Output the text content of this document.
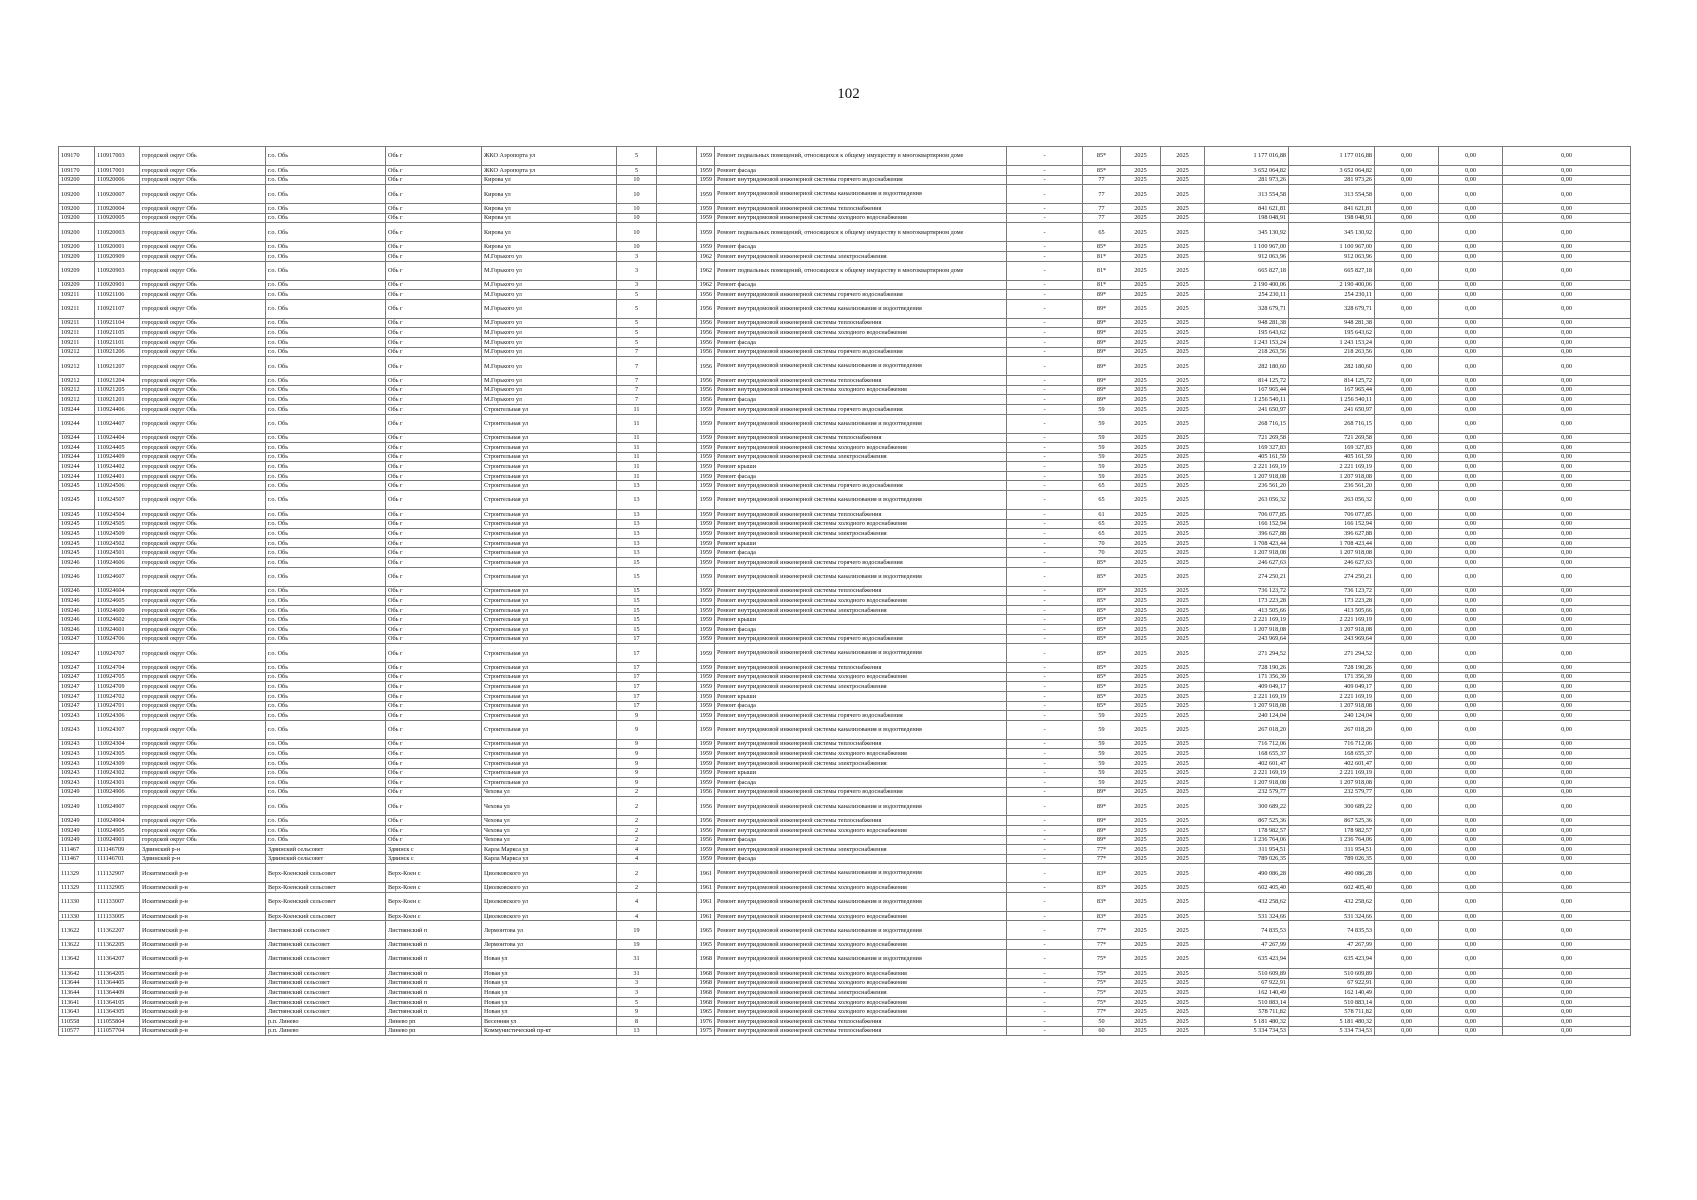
102
109170	110917003	городской округ Обь	г.о. Обь	Обь г	ЖКО Аэропорта ул	5		1959	Ремонт подвальных помещений, относящихся к общему имуществу в многоквартирном доме	-	85*	2025	2025	1 177 016,88	1 177 016,88	0,00	0,00	0,00
109170	110917001	городской округ Обь	г.о. Обь	Обь г	ЖКО Аэропорта ул	5		1959	Ремонт фасада	-	85*	2025	2025	3 652 064,82	3 652 064,82	0,00	0,00	0,00
109200	110920006	городской округ Обь	г.о. Обь	Обь г	Кирова ул	10		1959	Ремонт внутридомовой инженерной системы горячего водоснабжения	-	77	2025	2025	281 973,26	281 973,26	0,00	0,00	0,00
109200	110920007	городской округ Обь	г.о. Обь	Обь г	Кирова ул	10		1959	Ремонт внутридомовой инженерной системы канализования и водоотведения	-	77	2025	2025	313 554,58	313 554,58	0,00	0,00	0,00
109200	110920004	городской округ Обь	г.о. Обь	Обь г	Кирова ул	10		1959	Ремонт внутридомовой инженерной системы теплоснабжения	-	77	2025	2025	841 621,81	841 621,81	0,00	0,00	0,00
109200	110920005	городской округ Обь	г.о. Обь	Обь г	Кирова ул	10		1959	Ремонт внутридомовой инженерной системы холодного водоснабжения	-	77	2025	2025	198 048,91	198 048,91	0,00	0,00	0,00
109200	110920003	городской округ Обь	г.о. Обь	Обь г	Кирова ул	10		1959	Ремонт подвальных помещений, относящихся к общему имуществу в многоквартирном доме	-	65	2025	2025	345 130,92	345 130,92	0,00	0,00	0,00
109200	110920001	городской округ Обь	г.о. Обь	Обь г	Кирова ул	10		1959	Ремонт фасада	-	85*	2025	2025	1 100 967,00	1 100 967,00	0,00	0,00	0,00
109209	110920909	городской округ Обь	г.о. Обь	Обь г	М.Горького ул	3		1962	Ремонт внутридомовой инженерной системы электроснабжения	-	81*	2025	2025	912 063,96	912 063,96	0,00	0,00	0,00
109209	110920903	городской округ Обь	г.о. Обь	Обь г	М.Горького ул	3		1962	Ремонт подвальных помещений, относящихся к общему имуществу в многоквартирном доме	-	81*	2025	2025	665 827,18	665 827,18	0,00	0,00	0,00
109209	110920901	городской округ Обь	г.о. Обь	Обь г	М.Горького ул	3		1962	Ремонт фасада	-	81*	2025	2025	2 190 400,06	2 190 400,06	0,00	0,00	0,00
109211	110921106	городской округ Обь	г.о. Обь	Обь г	М.Горького ул	5		1956	Ремонт внутридомовой инженерной системы горячего водоснабжения	-	89*	2025	2025	254 230,11	254 230,11	0,00	0,00	0,00
109211	110921107	городской округ Обь	г.о. Обь	Обь г	М.Горького ул	5		1956	Ремонт внутридомовой инженерной системы канализования и водоотведения	-	89*	2025	2025	328 679,71	328 679,71	0,00	0,00	0,00
109211	110921104	городской округ Обь	г.о. Обь	Обь г	М.Горького ул	5		1956	Ремонт внутридомовой инженерной системы теплоснабжения	-	89*	2025	2025	948 281,38	948 281,38	0,00	0,00	0,00
109211	110921105	городской округ Обь	г.о. Обь	Обь г	М.Горького ул	5		1956	Ремонт внутридомовой инженерной системы холодного водоснабжения	-	89*	2025	2025	195 643,62	195 643,62	0,00	0,00	0,00
109211	110921101	городской округ Обь	г.о. Обь	Обь г	М.Горького ул	5		1956	Ремонт фасада	-	89*	2025	2025	1 243 153,24	1 243 153,24	0,00	0,00	0,00
109212	110921206	городской округ Обь	г.о. Обь	Обь г	М.Горького ул	7		1956	Ремонт внутридомовой инженерной системы горячего водоснабжения	-	89*	2025	2025	218 263,56	218 263,56	0,00	0,00	0,00
109212	110921207	городской округ Обь	г.о. Обь	Обь г	М.Горького ул	7		1956	Ремонт внутридомовой инженерной системы канализования и водоотведения	-	89*	2025	2025	282 180,60	282 180,60	0,00	0,00	0,00
109212	110921204	городской округ Обь	г.о. Обь	Обь г	М.Горького ул	7		1956	Ремонт внутридомовой инженерной системы теплоснабжения	-	89*	2025	2025	814 125,72	814 125,72	0,00	0,00	0,00
109212	110921205	городской округ Обь	г.о. Обь	Обь г	М.Горького ул	7		1956	Ремонт внутридомовой инженерной системы холодного водоснабжения	-	89*	2025	2025	167 965,44	167 965,44	0,00	0,00	0,00
109212	110921201	городской округ Обь	г.о. Обь	Обь г	М.Горького ул	7		1956	Ремонт фасада	-	89*	2025	2025	1 256 540,11	1 256 540,11	0,00	0,00	0,00
109244	110924406	городской округ Обь	г.о. Обь	Обь г	Строительная ул	11		1959	Ремонт внутридомовой инженерной системы горячего водоснабжения	-	59	2025	2025	241 650,97	241 650,97	0,00	0,00	0,00
109244	110924407	городской округ Обь	г.о. Обь	Обь г	Строительная ул	11		1959	Ремонт внутридомовой инженерной системы канализования и водоотведения	-	59	2025	2025	268 716,15	268 716,15	0,00	0,00	0,00
109244	110924404	городской округ Обь	г.о. Обь	Обь г	Строительная ул	11		1959	Ремонт внутридомовой инженерной системы теплоснабжения	-	59	2025	2025	721 269,58	721 269,58	0,00	0,00	0,00
109244	110924405	городской округ Обь	г.о. Обь	Обь г	Строительная ул	11		1959	Ремонт внутридомовой инженерной системы холодного водоснабжения	-	59	2025	2025	169 327,83	169 327,83	0,00	0,00	0,00
109244	110924409	городской округ Обь	г.о. Обь	Обь г	Строительная ул	11		1959	Ремонт внутридомовой инженерной системы электроснабжения	-	59	2025	2025	405 161,59	405 161,59	0,00	0,00	0,00
109244	110924402	городской округ Обь	г.о. Обь	Обь г	Строительная ул	11		1959	Ремонт крыши	-	59	2025	2025	2 221 169,19	2 221 169,19	0,00	0,00	0,00
109244	110924401	городской округ Обь	г.о. Обь	Обь г	Строительная ул	11		1959	Ремонт фасада	-	59	2025	2025	1 207 918,08	1 207 918,08	0,00	0,00	0,00
109245	110924506	городской округ Обь	г.о. Обь	Обь г	Строительная ул	13		1959	Ремонт внутридомовой инженерной системы горячего водоснабжения	-	65	2025	2025	236 561,20	236 561,20	0,00	0,00	0,00
109245	110924507	городской округ Обь	г.о. Обь	Обь г	Строительная ул	13		1959	Ремонт внутридомовой инженерной системы канализования и водоотведения	-	65	2025	2025	263 056,32	263 056,32	0,00	0,00	0,00
109245	110924504	городской округ Обь	г.о. Обь	Обь г	Строительная ул	13		1959	Ремонт внутридомовой инженерной системы теплоснабжения	-	61	2025	2025	706 077,85	706 077,85	0,00	0,00	0,00
109245	110924505	городской округ Обь	г.о. Обь	Обь г	Строительная ул	13		1959	Ремонт внутридомовой инженерной системы холодного водоснабжения	-	65	2025	2025	166 152,94	166 152,94	0,00	0,00	0,00
109245	110924509	городской округ Обь	г.о. Обь	Обь г	Строительная ул	13		1959	Ремонт внутридомовой инженерной системы электроснабжения	-	65	2025	2025	396 627,88	396 627,88	0,00	0,00	0,00
109245	110924502	городской округ Обь	г.о. Обь	Обь г	Строительная ул	13		1959	Ремонт крыши	-	70	2025	2025	1 708 423,44	1 708 423,44	0,00	0,00	0,00
109245	110924501	городской округ Обь	г.о. Обь	Обь г	Строительная ул	13		1959	Ремонт фасада	-	70	2025	2025	1 207 918,08	1 207 918,08	0,00	0,00	0,00
109246	110924606	городской округ Обь	г.о. Обь	Обь г	Строительная ул	15		1959	Ремонт внутридомовой инженерной системы горячего водоснабжения	-	85*	2025	2025	246 627,63	246 627,63	0,00	0,00	0,00
109246	110924607	городской округ Обь	г.о. Обь	Обь г	Строительная ул	15		1959	Ремонт внутридомовой инженерной системы канализования и водоотведения	-	85*	2025	2025	274 250,21	274 250,21	0,00	0,00	0,00
109246	110924604	городской округ Обь	г.о. Обь	Обь г	Строительная ул	15		1959	Ремонт внутридомовой инженерной системы теплоснабжения	-	85*	2025	2025	736 123,72	736 123,72	0,00	0,00	0,00
109246	110924605	городской округ Обь	г.о. Обь	Обь г	Строительная ул	15		1959	Ремонт внутридомовой инженерной системы холодного водоснабжения	-	85*	2025	2025	173 223,28	173 223,28	0,00	0,00	0,00
109246	110924609	городской округ Обь	г.о. Обь	Обь г	Строительная ул	15		1959	Ремонт внутридомовой инженерной системы электроснабжения	-	85*	2025	2025	413 505,66	413 505,66	0,00	0,00	0,00
109246	110924602	городской округ Обь	г.о. Обь	Обь г	Строительная ул	15		1959	Ремонт крыши	-	85*	2025	2025	2 221 169,19	2 221 169,19	0,00	0,00	0,00
109246	110924601	городской округ Обь	г.о. Обь	Обь г	Строительная ул	15		1959	Ремонт фасада	-	85*	2025	2025	1 207 918,08	1 207 918,08	0,00	0,00	0,00
109247	110924706	городской округ Обь	г.о. Обь	Обь г	Строительная ул	17		1959	Ремонт внутридомовой инженерной системы горячего водоснабжения	-	85*	2025	2025	243 969,64	243 969,64	0,00	0,00	0,00
109247	110924707	городской округ Обь	г.о. Обь	Обь г	Строительная ул	17		1959	Ремонт внутридомовой инженерной системы канализования и водоотведения	-	85*	2025	2025	271 294,52	271 294,52	0,00	0,00	0,00
109247	110924704	городской округ Обь	г.о. Обь	Обь г	Строительная ул	17		1959	Ремонт внутридомовой инженерной системы теплоснабжения	-	85*	2025	2025	728 190,26	728 190,26	0,00	0,00	0,00
109247	110924705	городской округ Обь	г.о. Обь	Обь г	Строительная ул	17		1959	Ремонт внутридомовой инженерной системы холодного водоснабжения	-	85*	2025	2025	171 356,39	171 356,39	0,00	0,00	0,00
109247	110924709	городской округ Обь	г.о. Обь	Обь г	Строительная ул	17		1959	Ремонт внутридомовой инженерной системы электроснабжения	-	85*	2025	2025	409 049,17	409 049,17	0,00	0,00	0,00
109247	110924702	городской округ Обь	г.о. Обь	Обь г	Строительная ул	17		1959	Ремонт крыши	-	85*	2025	2025	2 221 169,19	2 221 169,19	0,00	0,00	0,00
109247	110924701	городской округ Обь	г.о. Обь	Обь г	Строительная ул	17		1959	Ремонт фасада	-	85*	2025	2025	1 207 918,08	1 207 918,08	0,00	0,00	0,00
109243	110924306	городской округ Обь	г.о. Обь	Обь г	Строительная ул	9		1959	Ремонт внутридомовой инженерной системы горячего водоснабжения	-	59	2025	2025	240 124,04	240 124,04	0,00	0,00	0,00
109243	110924307	городской округ Обь	г.о. Обь	Обь г	Строительная ул	9		1959	Ремонт внутридомовой инженерной системы канализования и водоотведения	-	59	2025	2025	267 018,20	267 018,20	0,00	0,00	0,00
109243	110924304	городской округ Обь	г.о. Обь	Обь г	Строительная ул	9		1959	Ремонт внутридомовой инженерной системы теплоснабжения	-	59	2025	2025	716 712,06	716 712,06	0,00	0,00	0,00
109243	110924305	городской округ Обь	г.о. Обь	Обь г	Строительная ул	9		1959	Ремонт внутридомовой инженерной системы холодного водоснабжения	-	59	2025	2025	168 655,37	168 655,37	0,00	0,00	0,00
109243	110924309	городской округ Обь	г.о. Обь	Обь г	Строительная ул	9		1959	Ремонт внутридомовой инженерной системы электроснабжения	-	59	2025	2025	402 601,47	402 601,47	0,00	0,00	0,00
109243	110924302	городской округ Обь	г.о. Обь	Обь г	Строительная ул	9		1959	Ремонт крыши	-	59	2025	2025	2 221 169,19	2 221 169,19	0,00	0,00	0,00
109243	110924301	городской округ Обь	г.о. Обь	Обь г	Строительная ул	9		1959	Ремонт фасада	-	59	2025	2025	1 207 918,08	1 207 918,08	0,00	0,00	0,00
109249	110924906	городской округ Обь	г.о. Обь	Обь г	Чехова ул	2		1956	Ремонт внутридомовой инженерной системы горячего водоснабжения	-	89*	2025	2025	232 579,77	232 579,77	0,00	0,00	0,00
109249	110924907	городской округ Обь	г.о. Обь	Обь г	Чехова ул	2		1956	Ремонт внутридомовой инженерной системы канализования и водоотведения	-	89*	2025	2025	300 689,22	300 689,22	0,00	0,00	0,00
109249	110924904	городской округ Обь	г.о. Обь	Обь г	Чехова ул	2		1956	Ремонт внутридомовой инженерной системы теплоснабжения	-	89*	2025	2025	867 525,36	867 525,36	0,00	0,00	0,00
109249	110924905	городской округ Обь	г.о. Обь	Обь г	Чехова ул	2		1956	Ремонт внутридомовой инженерной системы холодного водоснабжения	-	89*	2025	2025	178 982,57	178 982,57	0,00	0,00	0,00
109249	110924901	городской округ Обь	г.о. Обь	Обь г	Чехова ул	2		1956	Ремонт фасада	-	89*	2025	2025	1 236 764,06	1 236 764,06	0,00	0,00	0,00
111467	111146709	Здвинский р-н	Здвинский сельсовет	Здвинск с	Карла Маркса ул	4		1959	Ремонт внутридомовой инженерной системы электроснабжения	-	77*	2025	2025	311 954,51	311 954,51	0,00	0,00	0,00
111467	111146701	Здвинский р-н	Здвинский сельсовет	Здвинск с	Карла Маркса ул	4		1959	Ремонт фасада	-	77*	2025	2025	789 026,35	789 026,35	0,00	0,00	0,00
111329	111132907	Искитимский р-н	Верх-Коенский сельсовет	Верх-Коен с	Циолковского ул	2		1961	Ремонт внутридомовой инженерной системы канализования и водоотведения	-	83*	2025	2025	490 086,28	490 086,28	0,00	0,00	0,00
111329	111132905	Искитимский р-н	Верх-Коенский сельсовет	Верх-Коен с	Циолковского ул	2		1961	Ремонт внутридомовой инженерной системы холодного водоснабжения	-	83*	2025	2025	602 405,40	602 405,40	0,00	0,00	0,00
111330	111133007	Искитимский р-н	Верх-Коенский сельсовет	Верх-Коен с	Циолковского ул	4		1961	Ремонт внутридомовой инженерной системы канализования и водоотведения	-	83*	2025	2025	432 258,62	432 258,62	0,00	0,00	0,00
111330	111133005	Искитимский р-н	Верх-Коенский сельсовет	Верх-Коен с	Циолковского ул	4		1961	Ремонт внутридомовой инженерной системы холодного водоснабжения	-	83*	2025	2025	531 324,66	531 324,66	0,00	0,00	0,00
113622	111362207	Искитимский р-н	Листвянский сельсовет	Листвянский п	Лермонтова ул	19		1965	Ремонт внутридомовой инженерной системы канализования и водоотведения	-	77*	2025	2025	74 835,53	74 835,53	0,00	0,00	0,00
113622	111362205	Искитимский р-н	Листвянский сельсовет	Листвянский п	Лермонтова ул	19		1965	Ремонт внутридомовой инженерной системы холодного водоснабжения	-	77*	2025	2025	47 267,99	47 267,99	0,00	0,00	0,00
113642	111364207	Искитимский р-н	Листвянский сельсовет	Листвянский п	Новая ул	31		1968	Ремонт внутридомовой инженерной системы канализования и водоотведения	-	75*	2025	2025	635 423,94	635 423,94	0,00	0,00	0,00
113642	111364205	Искитимский р-н	Листвянский сельсовет	Листвянский п	Новая ул	31		1968	Ремонт внутридомовой инженерной системы холодного водоснабжения	-	75*	2025	2025	510 609,89	510 609,89	0,00	0,00	0,00
113644	111364405	Искитимский р-н	Листвянский сельсовет	Листвянский п	Новая ул	3		1968	Ремонт внутридомовой инженерной системы холодного водоснабжения	-	75*	2025	2025	67 922,91	67 922,91	0,00	0,00	0,00
113644	111364409	Искитимский р-н	Листвянский сельсовет	Листвянский п	Новая ул	3		1968	Ремонт внутридомовой инженерной системы электроснабжения	-	75*	2025	2025	162 140,49	162 140,49	0,00	0,00	0,00
113641	111364105	Искитимский р-н	Листвянский сельсовет	Листвянский п	Новая ул	5		1968	Ремонт внутридомовой инженерной системы холодного водоснабжения	-	75*	2025	2025	510 883,14	510 883,14	0,00	0,00	0,00
113643	111364305	Искитимский р-н	Листвянский сельсовет	Листвянский п	Новая ул	9		1965	Ремонт внутридомовой инженерной системы холодного водоснабжения	-	77*	2025	2025	578 711,82	578 711,82	0,00	0,00	0,00
110558	111055804	Искитимский р-н	р.п. Линево	Линево рп	Весенняя ул	8		1976	Ремонт внутридомовой инженерной системы теплоснабжения	-	50	2025	2025	5 181 480,32	5 181 480,32	0,00	0,00	0,00
110577	111057704	Искитимский р-н	р.п. Линево	Линево рп	Коммунистический пр-кт	13		1975	Ремонт внутридомовой инженерной системы теплоснабжения	-	60	2025	2025	5 334 734,53	5 334 734,53	0,00	0,00	0,00
